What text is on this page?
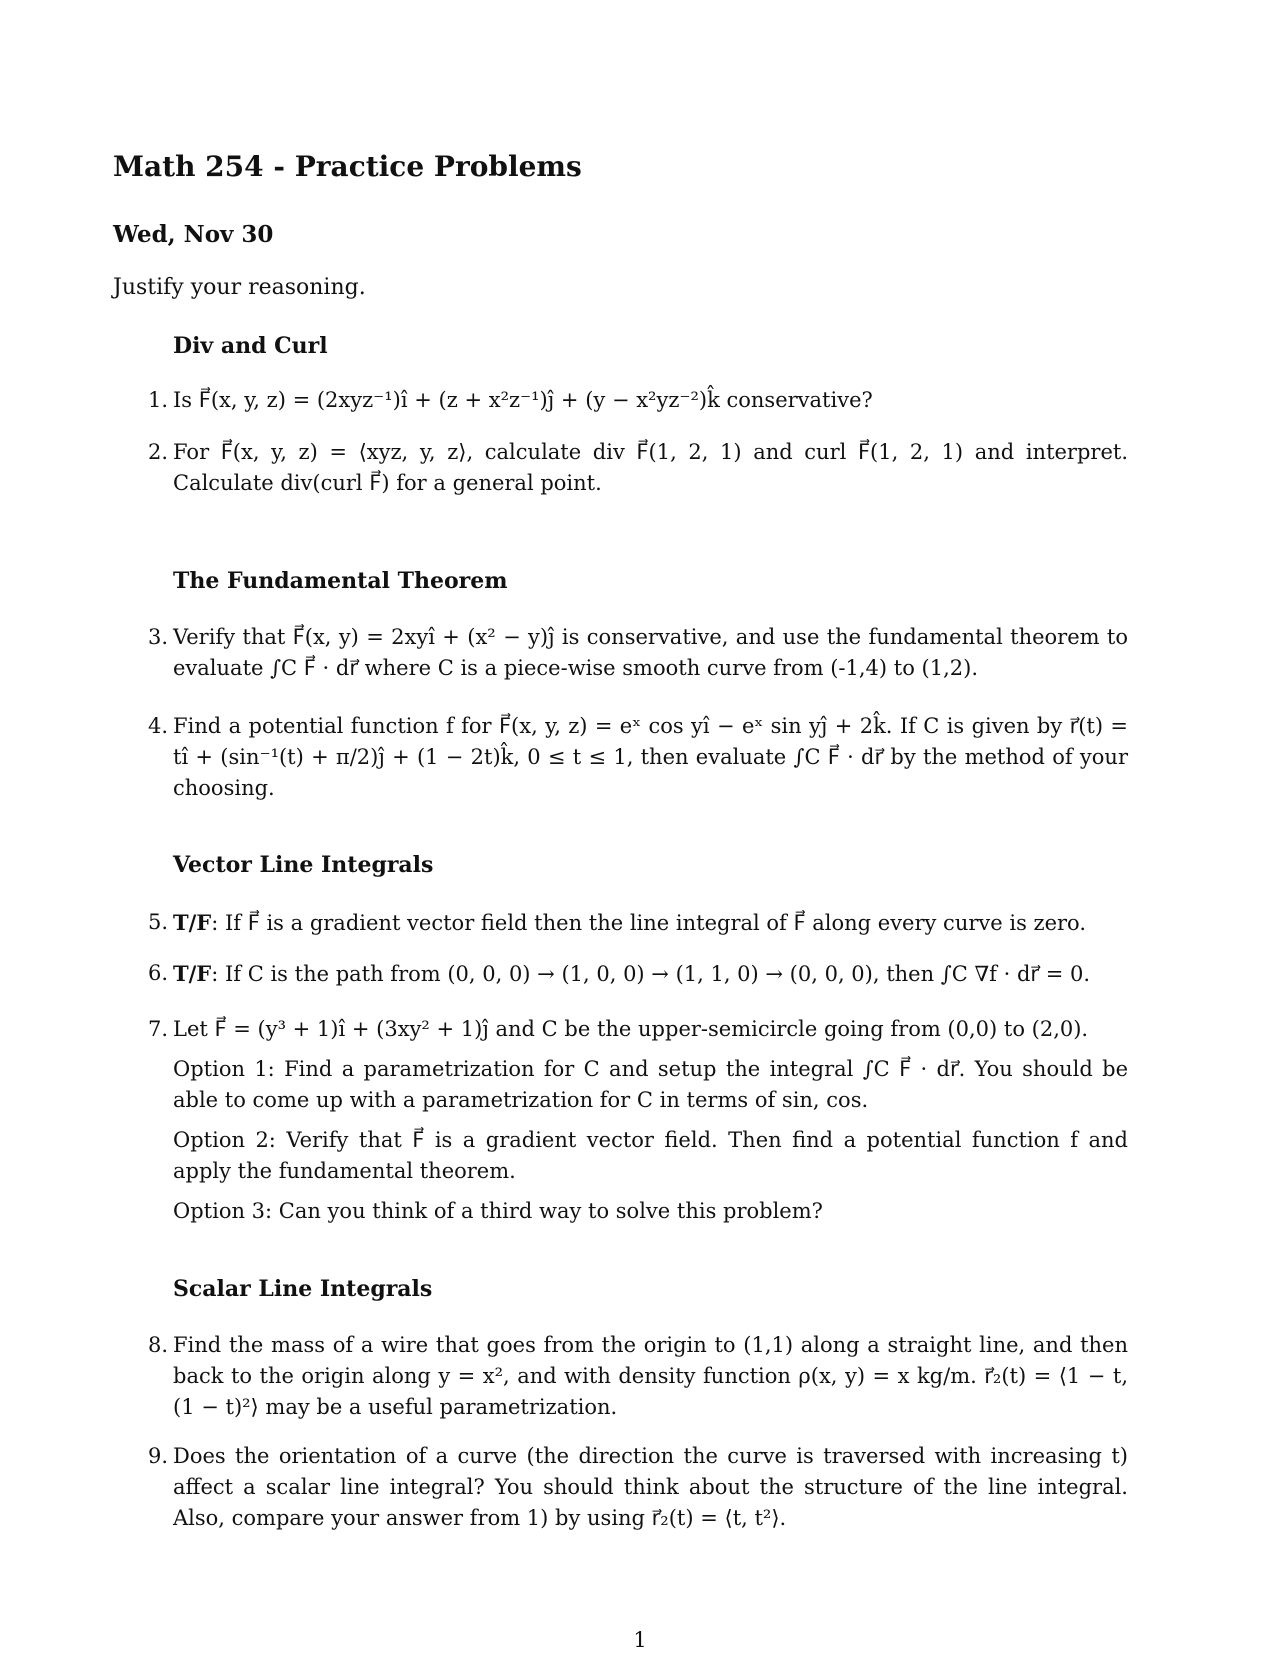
Math 254 - Practice Problems
Wed, Nov 30
Justify your reasoning.
Div and Curl
1. Is F⃗(x, y, z) = (2xyz⁻¹)î + (z + x²z⁻¹)ĵ + (y − x²yz⁻²)k̂ conservative?
2. For F⃗(x, y, z) = ⟨xyz, y, z⟩, calculate div F⃗(1, 2, 1) and curl F⃗(1, 2, 1) and interpret. Calculate div(curl F⃗) for a general point.
The Fundamental Theorem
3. Verify that F⃗(x, y) = 2xyî + (x² − y)ĵ is conservative, and use the fundamental theorem to evaluate ∫C F⃗ · dr⃗ where C is a piece-wise smooth curve from (-1,4) to (1,2).
4. Find a potential function f for F⃗(x, y, z) = eˣ cos yî − eˣ sin yĵ + 2k̂. If C is given by r⃗(t) = tî + (sin⁻¹(t) + π/2)ĵ + (1 − 2t)k̂, 0 ≤ t ≤ 1, then evaluate ∫C F⃗ · dr⃗ by the method of your choosing.
Vector Line Integrals
5. T/F: If F⃗ is a gradient vector field then the line integral of F⃗ along every curve is zero.
6. T/F: If C is the path from (0, 0, 0) → (1, 0, 0) → (1, 1, 0) → (0, 0, 0), then ∫C ∇f · dr⃗ = 0.
7. Let F⃗ = (y³ + 1)î + (3xy² + 1)ĵ and C be the upper-semicircle going from (0,0) to (2,0).
Option 1: Find a parametrization for C and setup the integral ∫C F⃗ · dr⃗. You should be able to come up with a parametrization for C in terms of sin, cos.
Option 2: Verify that F⃗ is a gradient vector field. Then find a potential function f and apply the fundamental theorem.
Option 3: Can you think of a third way to solve this problem?
Scalar Line Integrals
8. Find the mass of a wire that goes from the origin to (1,1) along a straight line, and then back to the origin along y = x², and with density function ρ(x, y) = x kg/m. r⃗₂(t) = ⟨1 − t, (1 − t)²⟩ may be a useful parametrization.
9. Does the orientation of a curve (the direction the curve is traversed with increasing t) affect a scalar line integral? You should think about the structure of the line integral. Also, compare your answer from 1) by using r⃗₂(t) = ⟨t, t²⟩.
1
